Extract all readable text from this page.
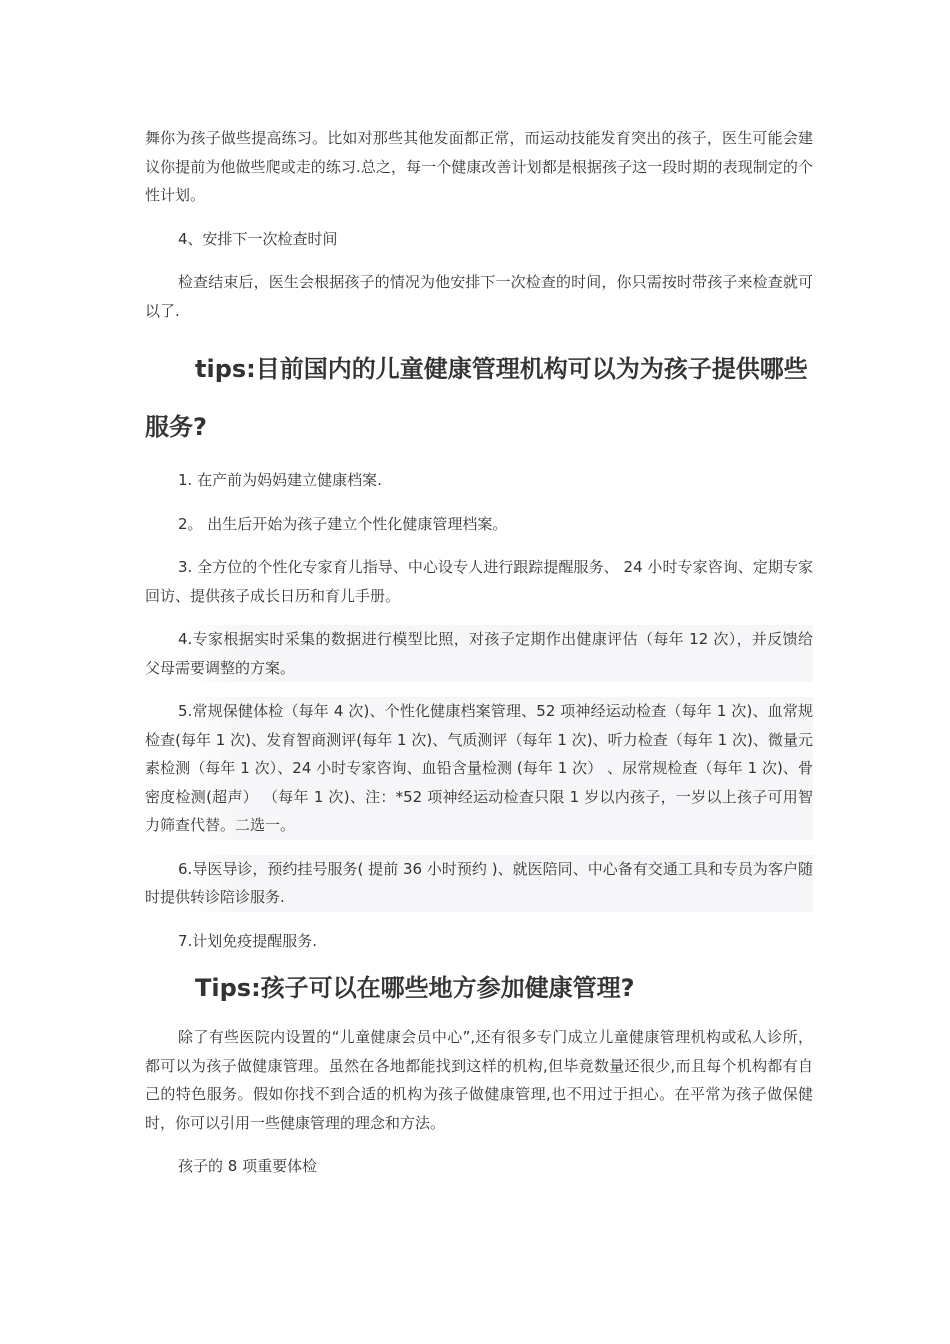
舞你为孩子做些提高练习。比如对那些其他发面都正常，而运动技能发育突出的孩子，医生可能会建议你提前为他做些爬或走的练习.总之，每一个健康改善计划都是根据孩子这一段时期的表现制定的个性计划。

4、安排下一次检查时间

检查结束后，医生会根据孩子的情况为他安排下一次检查的时间，你只需按时带孩子来检查就可以了.

tips:目前国内的儿童健康管理机构可以为为孩子提供哪些服务?

1. 在产前为妈妈建立健康档案.

2。 出生后开始为孩子建立个性化健康管理档案。

3. 全方位的个性化专家育儿指导、中心设专人进行跟踪提醒服务、 24 小时专家咨询、定期专家回访、提供孩子成长日历和育儿手册。

4.专家根据实时采集的数据进行模型比照，对孩子定期作出健康评估（每年 12 次），并反馈给父母需要调整的方案。

5.常规保健体检（每年 4 次)、个性化健康档案管理、52 项神经运动检查（每年 1 次)、血常规检查(每年 1 次)、发育智商测评(每年 1 次)、气质测评（每年 1 次)、听力检查（每年 1 次)、微量元素检测（每年 1 次）、24 小时专家咨询、血铅含量检测 (每年 1 次） 、尿常规检查（每年 1 次)、骨密度检测(超声） （每年 1 次)、注：*52 项神经运动检查只限 1 岁以内孩子，一岁以上孩子可用智力筛查代替。二选一。

6.导医导诊，预约挂号服务( 提前 36 小时预约 )、就医陪同、中心备有交通工具和专员为客户随时提供转诊陪诊服务.

7.计划免疫提醒服务.

Tips:孩子可以在哪些地方参加健康管理?

除了有些医院内设置的“儿童健康会员中心”,还有很多专门成立儿童健康管理机构或私人诊所，都可以为孩子做健康管理。虽然在各地都能找到这样的机构,但毕竟数量还很少,而且每个机构都有自己的特色服务。假如你找不到合适的机构为孩子做健康管理,也不用过于担心。在平常为孩子做保健时，你可以引用一些健康管理的理念和方法。

孩子的 8 项重要体检
